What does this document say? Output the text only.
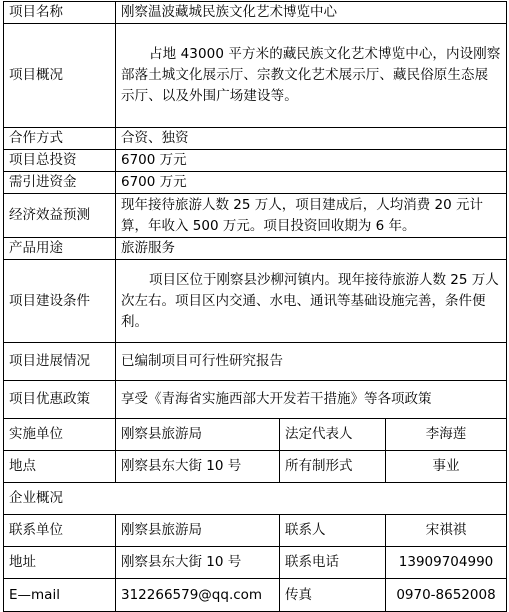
项目名称	刚察温波藏城民族文化艺术博览中心		
项目概况	占地 43000 平方米的藏民族文化艺术博览中心，内设刚察部落土城文化展示厅、宗教文化艺术展示厅、藏民俗原生态展示厅、以及外围广场建设等。		
合作方式	合资、独资		
项目总投资	6700 万元		
需引进资金	6700 万元		
经济效益预测	现年接待旅游人数 25 万人，项目建成后，人均消费 20 元计算，年收入 500 万元。项目投资回收期为 6 年。		
产品用途	旅游服务		
项目建设条件	项目区位于刚察县沙柳河镇内。现年接待旅游人数 25 万人次左右。项目区内交通、水电、通讯等基础设施完善，条件便利。		
项目进展情况	已编制项目可行性研究报告		
项目优惠政策	享受《青海省实施西部大开发若干措施》等各项政策		
实施单位	刚察县旅游局	法定代表人	李海莲
地点	刚察县东大街 10 号	所有制形式	事业
企业概况			
联系单位	刚察县旅游局	联系人	宋祺祺
地址	刚察县东大街 10 号	联系电话	13909704990
E—mail	312266579@qq.com	传真	0970-8652008
